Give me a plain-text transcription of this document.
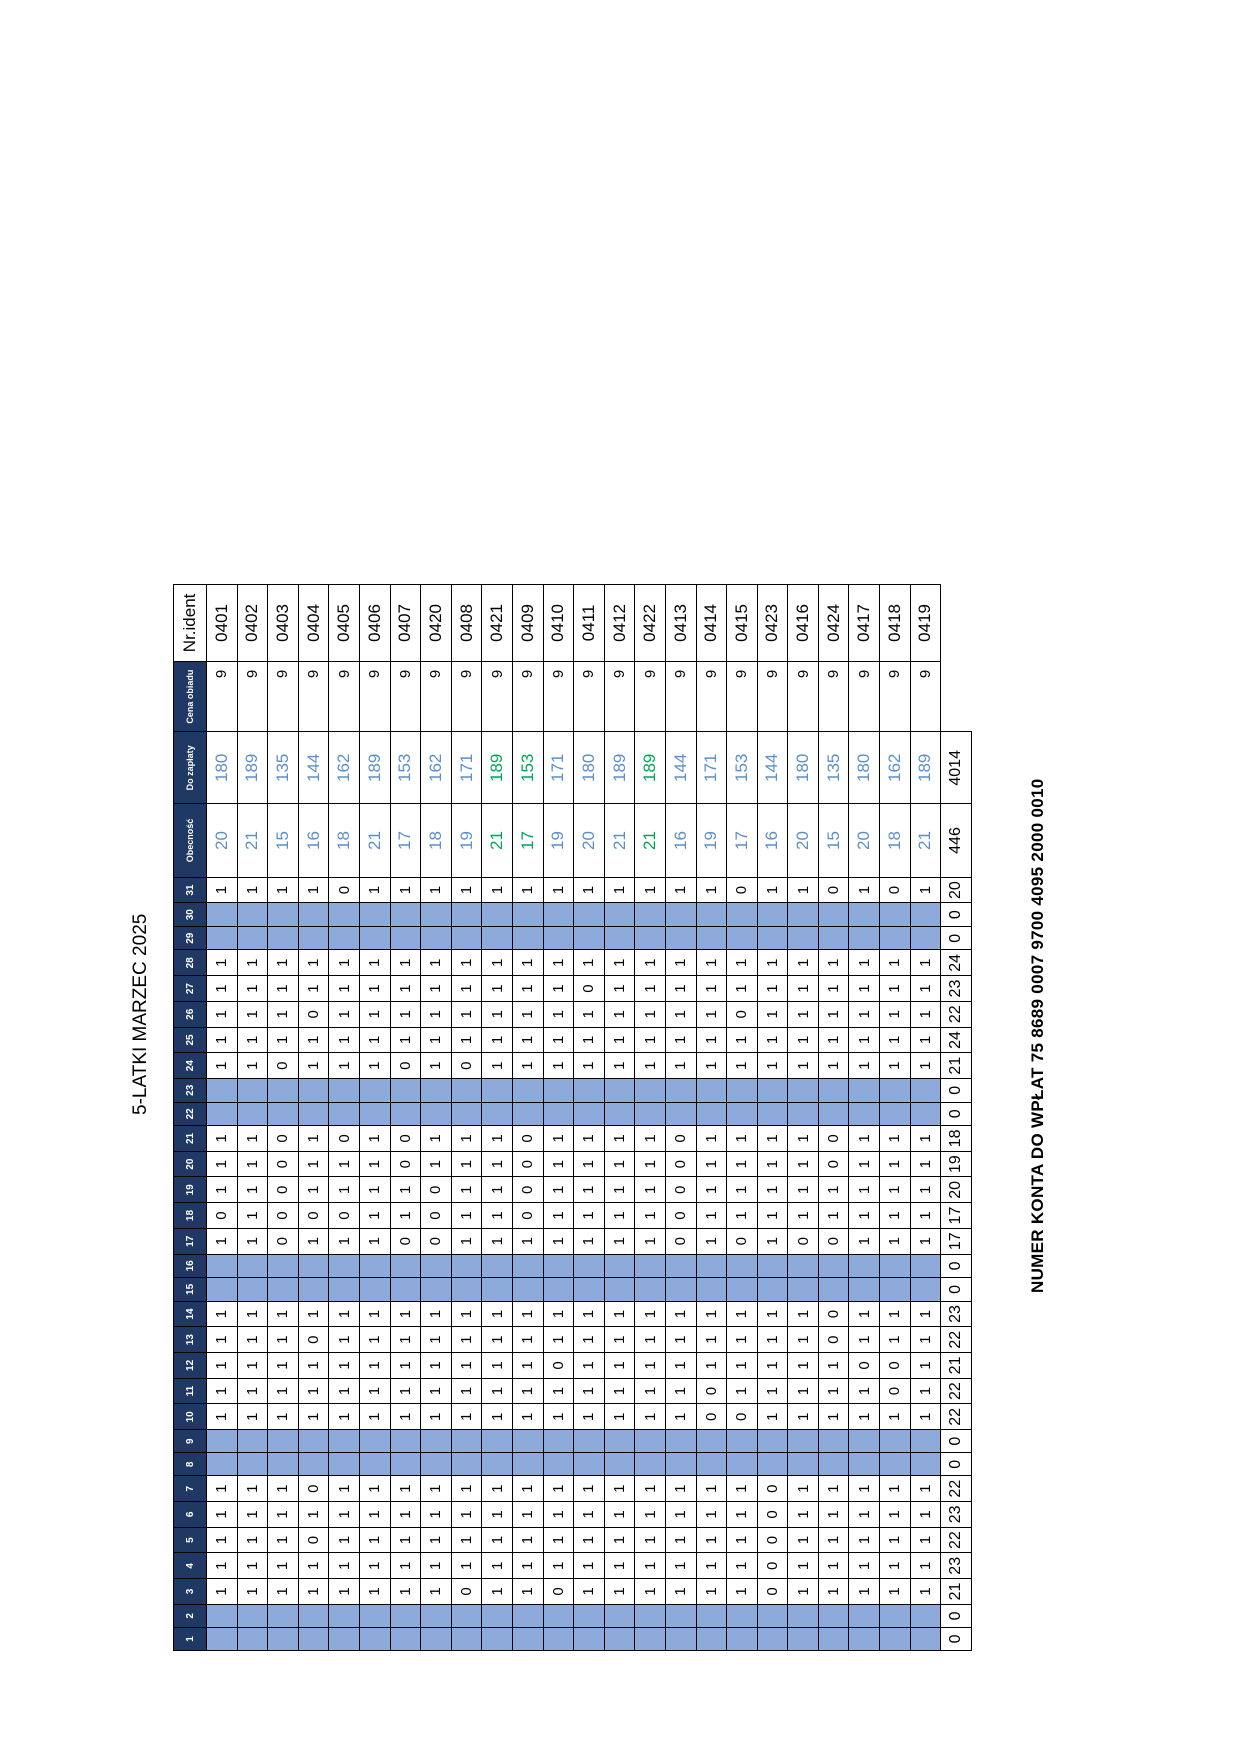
5-LATKI MARZEC 2025
1	2	3	4	5	6	7	8	9	10	11	12	13	14	15	16	17	18	19	20	21	22	23	24	25	26	27	28	29	30	31	Obecność	Do zapłaty	Cena obiadu	Nr.ident
		1	1	1	1	1			1	1	1	1	1			1	0	1	1	1			1	1	1	1	1			1	20	180	9	0401
		1	1	1	1	1			1	1	1	1	1			1	1	1	1	1			1	1	1	1	1			1	21	189	9	0402
		1	1	1	1	1			1	1	1	1	1			0	0	0	0	0			0	1	1	1	1			1	15	135	9	0403
		1	1	0	1	0			1	1	1	0	1			1	0	1	1	1			1	1	0	1	1			1	16	144	9	0404
		1	1	1	1	1			1	1	1	1	1			1	0	1	1	0			1	1	1	1	1			0	18	162	9	0405
		1	1	1	1	1			1	1	1	1	1			1	1	1	1	1			1	1	1	1	1			1	21	189	9	0406
		1	1	1	1	1			1	1	1	1	1			0	1	1	0	0			0	1	1	1	1			1	17	153	9	0407
		1	1	1	1	1			1	1	1	1	1			0	0	0	1	1			1	1	1	1	1			1	18	162	9	0420
		0	1	1	1	1			1	1	1	1	1			1	1	1	1	1			0	1	1	1	1			1	19	171	9	0408
		1	1	1	1	1			1	1	1	1	1			1	1	1	1	1			1	1	1	1	1			1	21	189	9	0421
		1	1	1	1	1			1	1	1	1	1			1	0	0	0	0			1	1	1	1	1			1	17	153	9	0409
		0	1	1	1	1			1	1	0	1	1			1	1	1	1	1			1	1	1	1	1			1	19	171	9	0410
		1	1	1	1	1			1	1	1	1	1			1	1	1	1	1			1	1	1	0	1			1	20	180	9	0411
		1	1	1	1	1			1	1	1	1	1			1	1	1	1	1			1	1	1	1	1			1	21	189	9	0412
		1	1	1	1	1			1	1	1	1	1			1	1	1	1	1			1	1	1	1	1			1	21	189	9	0422
		1	1	1	1	1			1	1	1	1	1			0	0	0	0	0			1	1	1	1	1			1	16	144	9	0413
		1	1	1	1	1			0	0	1	1	1			1	1	1	1	1			1	1	1	1	1			1	19	171	9	0414
		1	1	1	1	1			0	1	1	1	1			0	1	1	1	1			1	1	0	1	1			0	17	153	9	0415
		0	0	0	0	0			1	1	1	1	1			1	1	1	1	1			1	1	1	1	1			1	16	144	9	0423
		1	1	1	1	1			1	1	1	1	1			0	1	1	1	1			1	1	1	1	1			1	20	180	9	0416
		1	1	1	1	1			1	1	1	0	0			0	1	1	0	0			1	1	1	1	1			0	15	135	9	0424
		1	1	1	1	1			1	1	0	1	1			1	1	1	1	1			1	1	1	1	1			1	20	180	9	0417
		1	1	1	1	1			1	0	0	1	1			1	1	1	1	1			1	1	1	1	1			0	18	162	9	0418
		1	1	1	1	1			1	1	1	1	1			1	1	1	1	1			1	1	1	1	1			1	21	189	9	0419
0	0	21	23	22	23	22	0	0	22	22	21	22	23	0	0	17	17	20	19	18	0	0	21	24	22	23	24	0	0	20	446	4014		
NUMER KONTA DO WPŁAT 75 8689 0007 9700 4095 2000 0010
